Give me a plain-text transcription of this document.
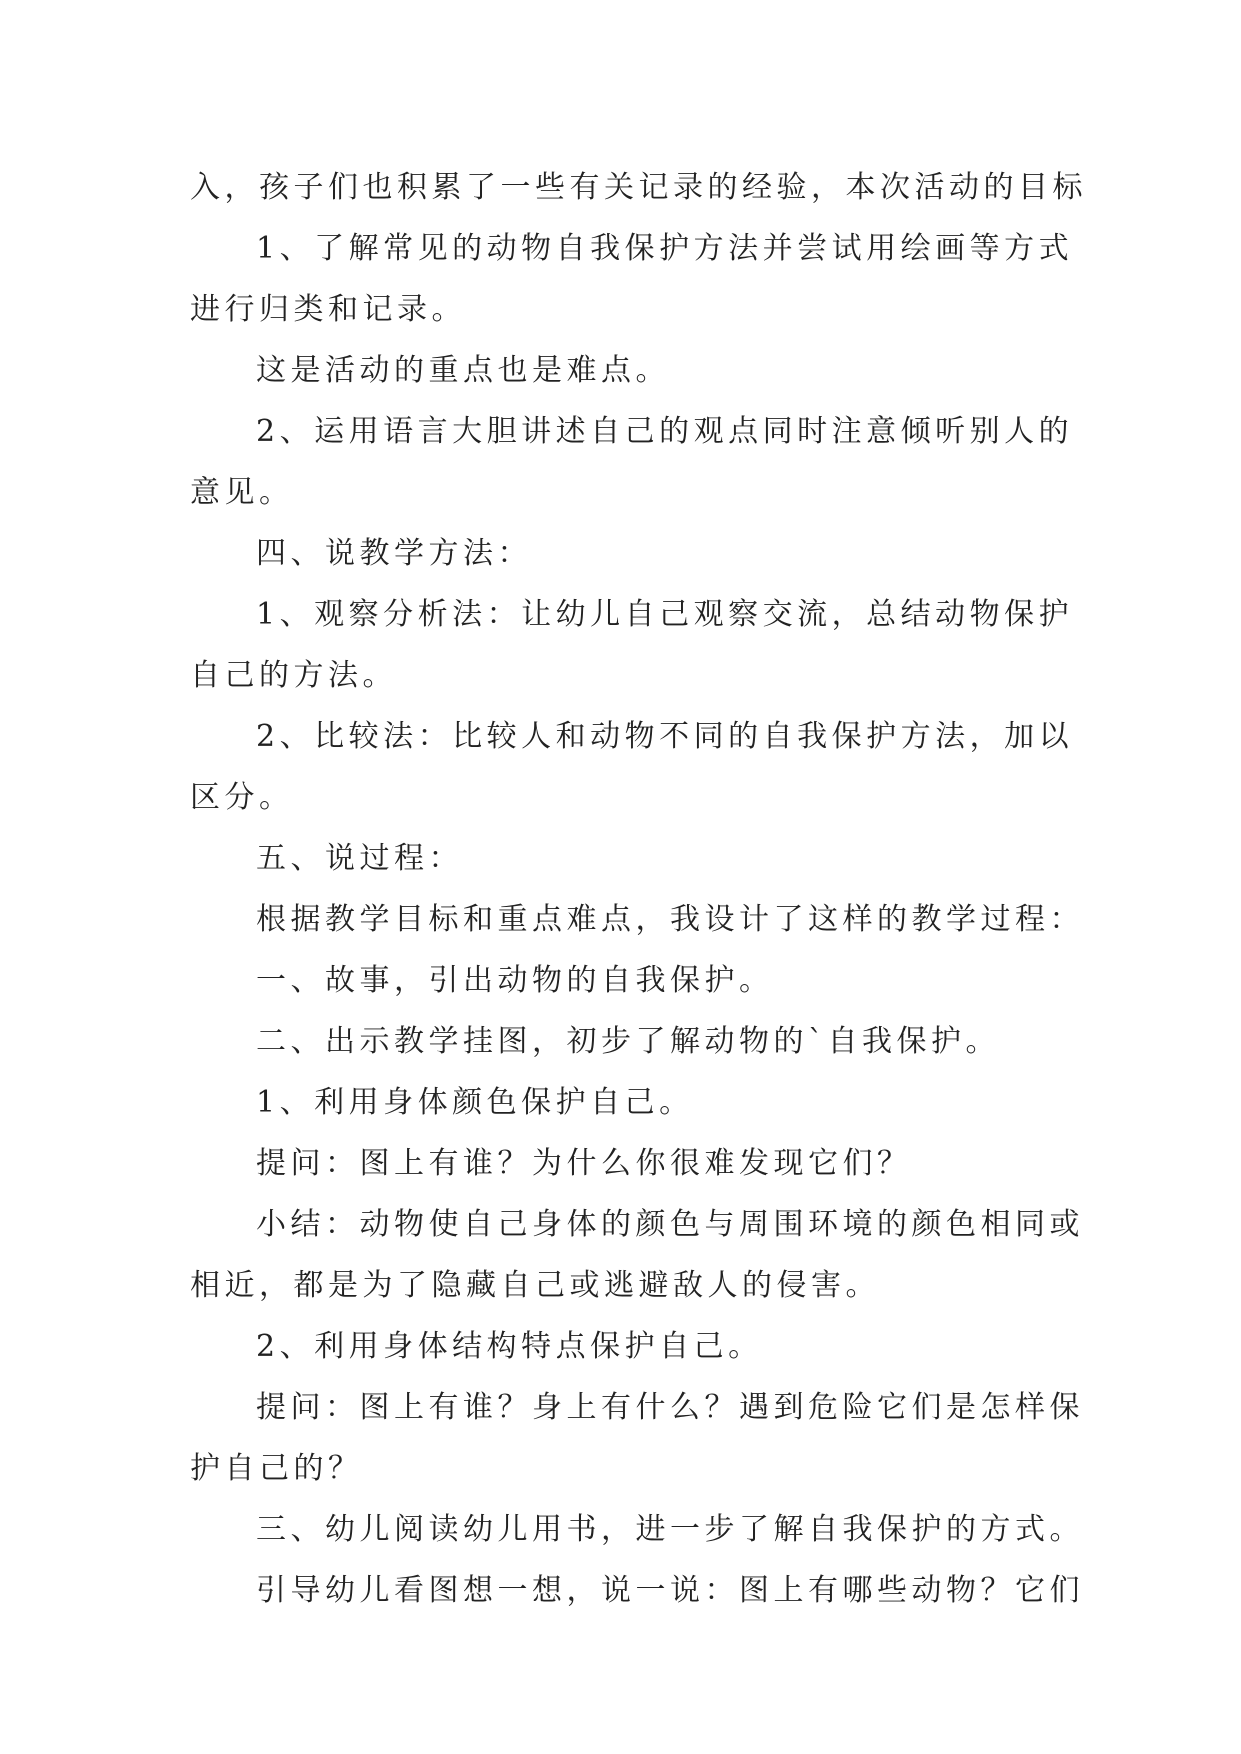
入，孩子们也积累了一些有关记录的经验，本次活动的目标
1、了解常见的动物自我保护方法并尝试用绘画等方式
进行归类和记录。
这是活动的重点也是难点。
2、运用语言大胆讲述自己的观点同时注意倾听别人的
意见。
四、说教学方法：
1、观察分析法：让幼儿自己观察交流，总结动物保护
自己的方法。
2、比较法：比较人和动物不同的自我保护方法，加以
区分。
五、说过程：
根据教学目标和重点难点，我设计了这样的教学过程：
一、故事，引出动物的自我保护。
二、出示教学挂图，初步了解动物的`自我保护。
1、利用身体颜色保护自己。
提问：图上有谁？为什么你很难发现它们？
小结：动物使自己身体的颜色与周围环境的颜色相同或
相近，都是为了隐藏自己或逃避敌人的侵害。
2、利用身体结构特点保护自己。
提问：图上有谁？身上有什么？遇到危险它们是怎样保
护自己的？
三、幼儿阅读幼儿用书，进一步了解自我保护的方式。
引导幼儿看图想一想，说一说：图上有哪些动物？它们
